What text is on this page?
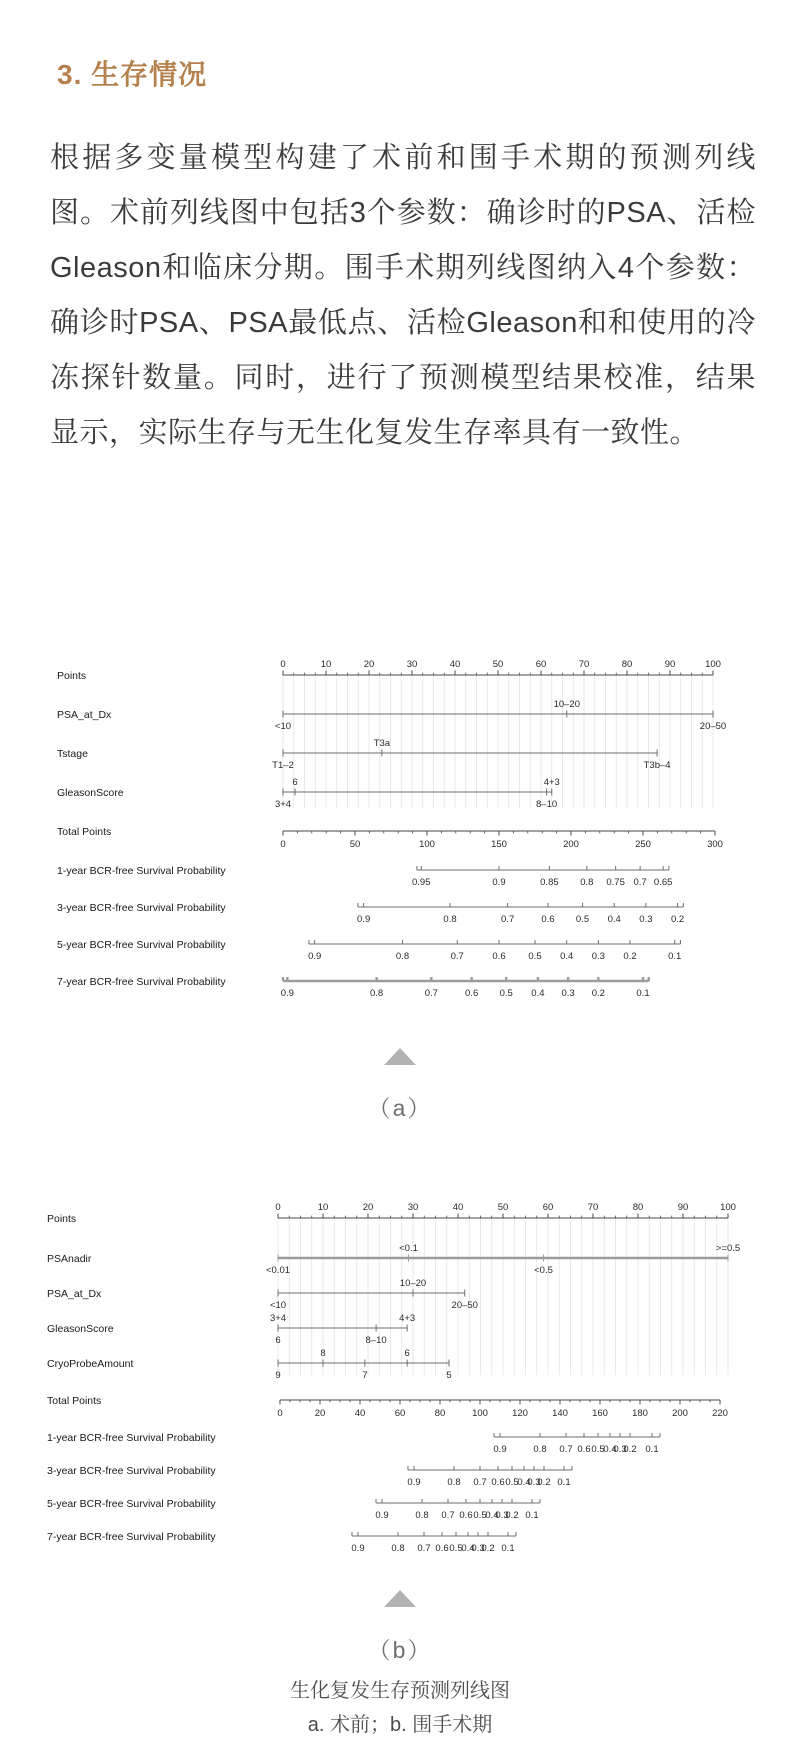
3. 生存情况

根据多变量模型构建了术前和围手术期的预测列线图。术前列线图中包括3个参数：确诊时的PSA、活检Gleason和临床分期。围手术期列线图纳入4个参数：确诊时PSA、PSA最低点、活检Gleason和和使用的冷冻探针数量。同时，进行了预测模型结果校准，结果显示，实际生存与无生化复发生存率具有一致性。

Points
0	10	20	30	40	50	60	70	80	90	100
PSA_at_Dx
<10
10–20
20–50
Tstage
T1–2
T3a
T3b–4
GleasonScore
3+4
6
8–10
4+3
Total Points
0	50	100	150	200	250	300
1-year BCR-free Survival Probability
0.95	0.9	0.85 0.8 0.75 0.7 0.65
3-year BCR-free Survival Probability
0.9	0.8	0.7	0.6 0.5 0.4 0.3 0.2
5-year BCR-free Survival Probability
0.9	0.8	0.7	0.6 0.5 0.4 0.3 0.2	0.1
7-year BCR-free Survival Probability
0.9	0.8	0.7	0.6 0.5 0.4 0.3 0.2	0.1
（a）
Points
0	10	20	30	40	50	60	70	80	90	100
PSAnadir
<0.01
<0.1
<0.5
>=0.5
PSA_at_Dx
<10
10–20
20–50
GleasonScore
3+4
6	8–10
4+3
CryoProbeAmount
9
8
7
6
5
Total Points
0	20	40	60	80	100	120	140	160	180	200	220
1-year BCR-free Survival Probability
0.9	0.8 0.7 0.6 0.5
0.4
0.3
0.2 0.1
3-year BCR-free Survival Probability
0.9	0.8 0.7 0.6 0.5
0.4
0.3
0.2 0.1
5-year BCR-free Survival Probability
0.9	0.8 0.7 0.6 0.5
0.4
0.3
0.2 0.1
7-year BCR-free Survival Probability
0.9	0.8 0.7 0.6 0.5
0.4
0.3
0.2 0.1
（b）
生化复发生存预测列线图
a. 术前；b. 围手术期
